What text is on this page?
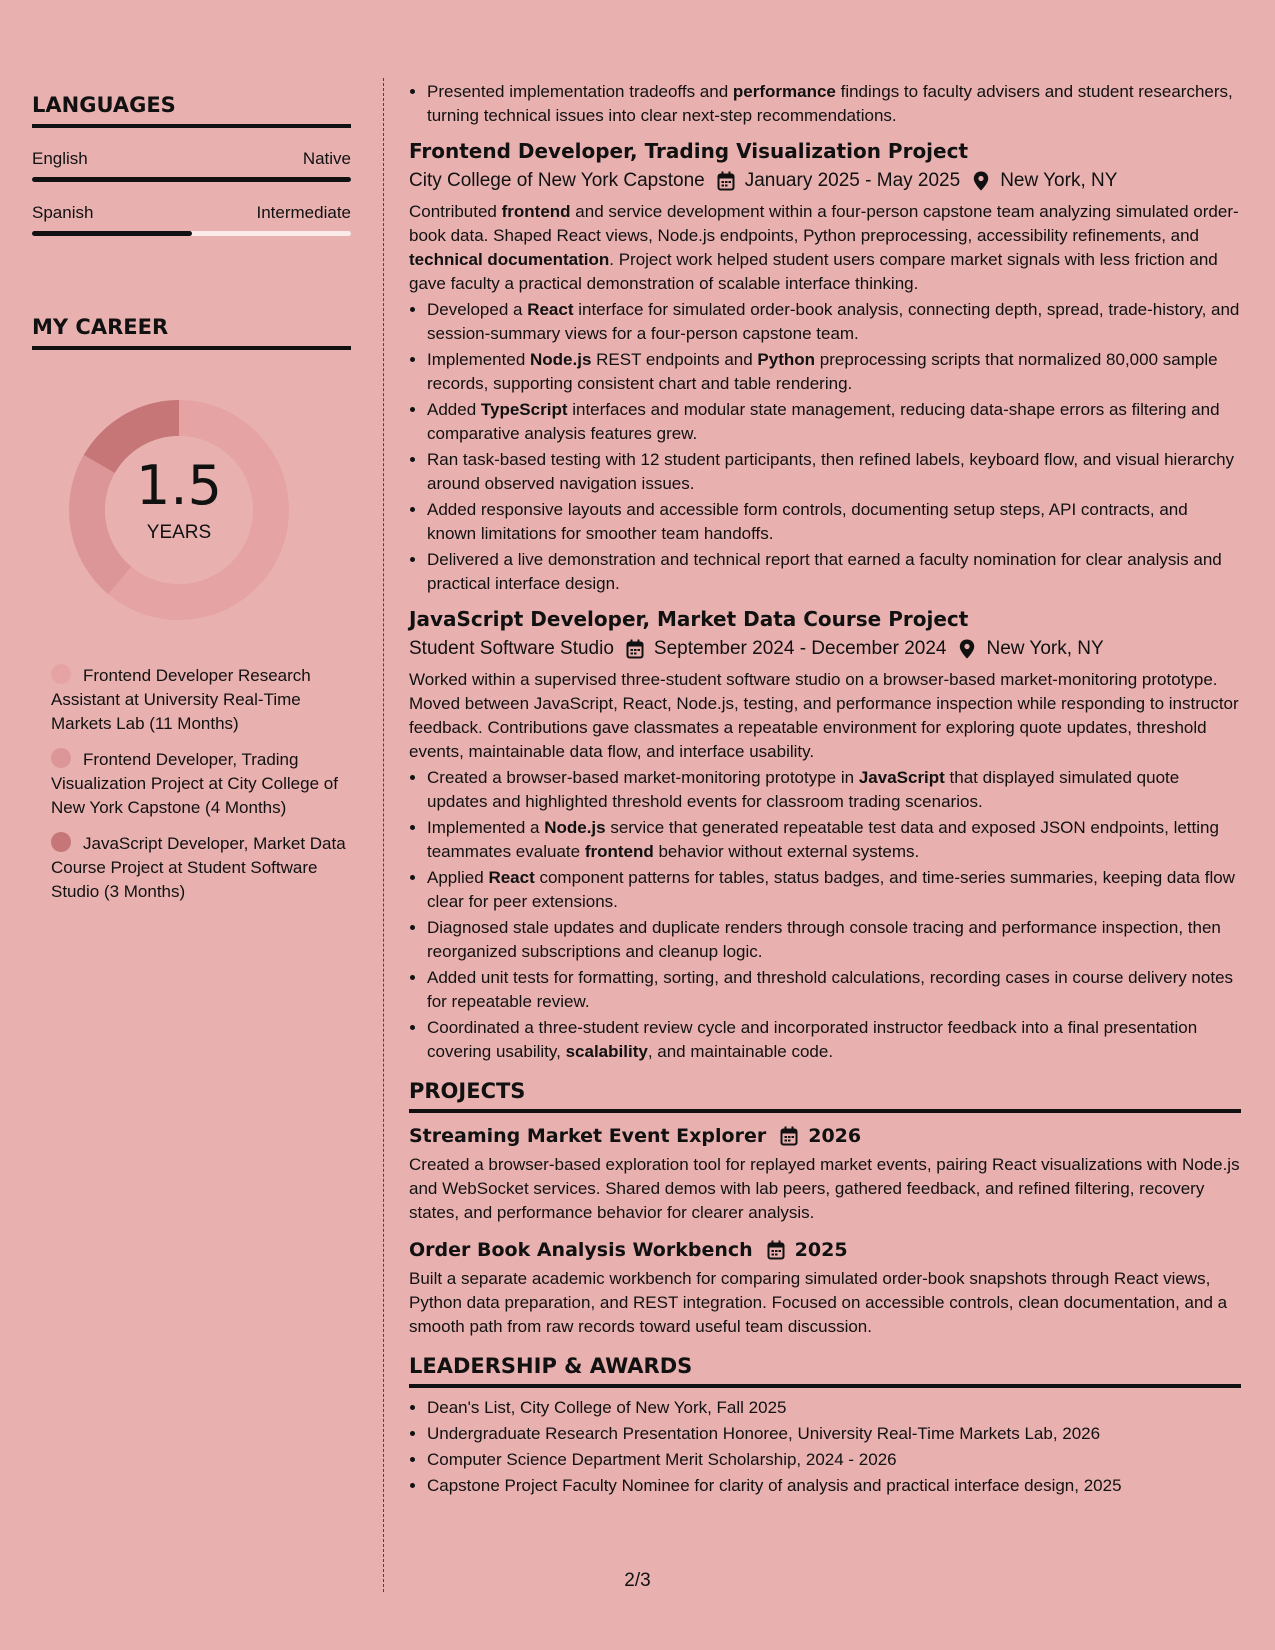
LANGUAGES
English	Native
Spanish	Intermediate
MY CAREER
1.5
YEARS
Frontend Developer Research Assistant at University Real-Time Markets Lab (11 Months)
Frontend Developer, Trading Visualization Project at City College of New York Capstone (4 Months)
JavaScript Developer, Market Data Course Project at Student Software Studio (3 Months)
• Presented implementation tradeoffs and performance findings to faculty advisers and student researchers, turning technical issues into clear next-step recommendations.
Frontend Developer, Trading Visualization Project
City College of New York Capstone January 2025 - May 2025 New York, NY

Contributed frontend and service development within a four-person capstone team analyzing simulated order-book data. Shaped React views, Node.js endpoints, Python preprocessing, accessibility refinements, and technical documentation. Project work helped student users compare market signals with less friction and gave faculty a practical demonstration of scalable interface thinking.

• Developed a React interface for simulated order-book analysis, connecting depth, spread, trade-history, and session-summary views for a four-person capstone team.
• Implemented Node.js REST endpoints and Python preprocessing scripts that normalized 80,000 sample records, supporting consistent chart and table rendering.
• Added TypeScript interfaces and modular state management, reducing data-shape errors as filtering and comparative analysis features grew.
• Ran task-based testing with 12 student participants, then refined labels, keyboard flow, and visual hierarchy around observed navigation issues.
• Added responsive layouts and accessible form controls, documenting setup steps, API contracts, and known limitations for smoother team handoffs.
• Delivered a live demonstration and technical report that earned a faculty nomination for clear analysis and practical interface design.
JavaScript Developer, Market Data Course Project
Student Software Studio September 2024 - December 2024 New York, NY

Worked within a supervised three-student software studio on a browser-based market-monitoring prototype. Moved between JavaScript, React, Node.js, testing, and performance inspection while responding to instructor feedback. Contributions gave classmates a repeatable environment for exploring quote updates, threshold events, maintainable data flow, and interface usability.

• Created a browser-based market-monitoring prototype in JavaScript that displayed simulated quote updates and highlighted threshold events for classroom trading scenarios.
• Implemented a Node.js service that generated repeatable test data and exposed JSON endpoints, letting teammates evaluate frontend behavior without external systems.
• Applied React component patterns for tables, status badges, and time-series summaries, keeping data flow clear for peer extensions.
• Diagnosed stale updates and duplicate renders through console tracing and performance inspection, then reorganized subscriptions and cleanup logic.
• Added unit tests for formatting, sorting, and threshold calculations, recording cases in course delivery notes for repeatable review.
• Coordinated a three-student review cycle and incorporated instructor feedback into a final presentation covering usability, scalability, and maintainable code.
PROJECTS
Streaming Market Event Explorer 2026

Created a browser-based exploration tool for replayed market events, pairing React visualizations with Node.js and WebSocket services. Shared demos with lab peers, gathered feedback, and refined filtering, recovery states, and performance behavior for clearer analysis.

Order Book Analysis Workbench 2025

Built a separate academic workbench for comparing simulated order-book snapshots through React views, Python data preparation, and REST integration. Focused on accessible controls, clean documentation, and a smooth path from raw records toward useful team discussion.

LEADERSHIP & AWARDS
• Dean's List, City College of New York, Fall 2025
• Undergraduate Research Presentation Honoree, University Real-Time Markets Lab, 2026
• Computer Science Department Merit Scholarship, 2024 - 2026
• Capstone Project Faculty Nominee for clarity of analysis and practical interface design, 2025
2/3
